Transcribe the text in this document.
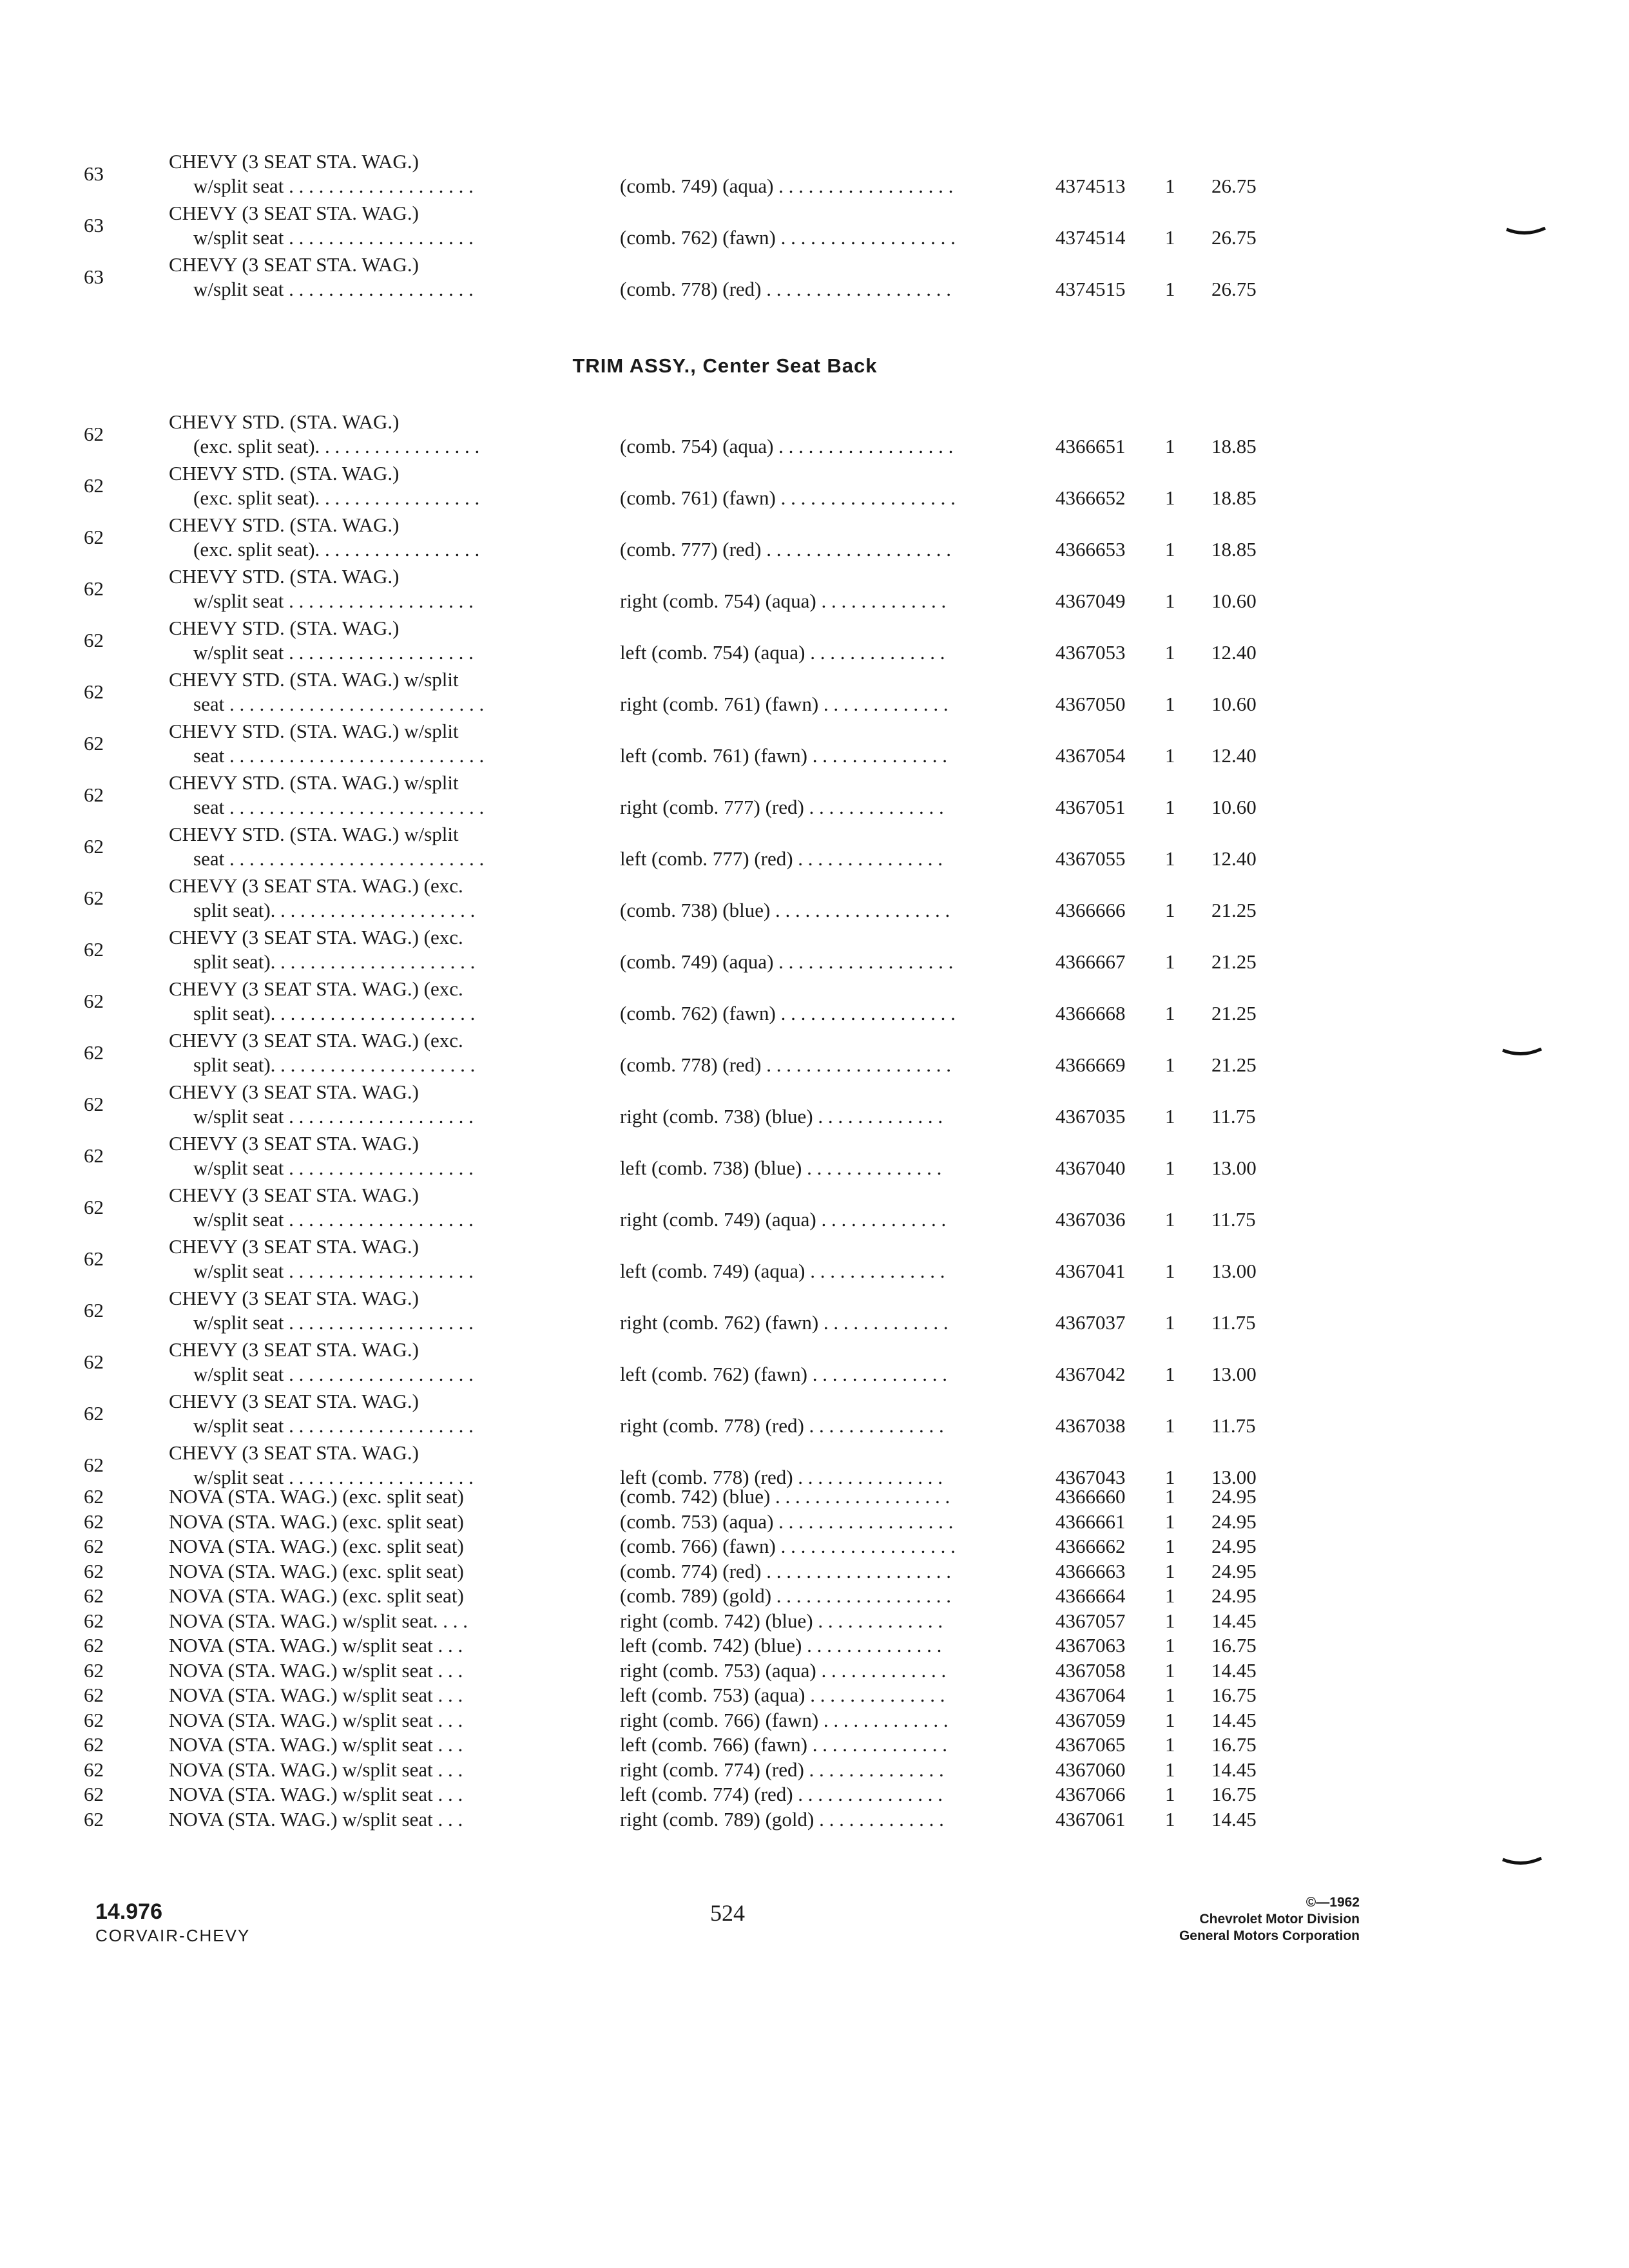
63
CHEVY (3 SEAT STA. WAG.)
w/split seat . . . . . . . . . . . . . . . . . . .	(comb. 749) (aqua) . . . . . . . . . . . . . . . . . .	4374513 1 26.75
63
CHEVY (3 SEAT STA. WAG.)
w/split seat . . . . . . . . . . . . . . . . . . .	(comb. 762) (fawn) . . . . . . . . . . . . . . . . . .	4374514 1 26.75
63
CHEVY (3 SEAT STA. WAG.)
w/split seat . . . . . . . . . . . . . . . . . . .	(comb. 778) (red) . . . . . . . . . . . . . . . . . . .	4374515 1 26.75
TRIM ASSY., Center Seat Back
62
CHEVY STD. (STA. WAG.)
(exc. split seat). . . . . . . . . . . . . . . . .	(comb. 754) (aqua) . . . . . . . . . . . . . . . . . .	4366651 1 18.85
62
CHEVY STD. (STA. WAG.)
(exc. split seat). . . . . . . . . . . . . . . . .	(comb. 761) (fawn) . . . . . . . . . . . . . . . . . .	4366652 1 18.85
62
CHEVY STD. (STA. WAG.)
(exc. split seat). . . . . . . . . . . . . . . . .	(comb. 777) (red) . . . . . . . . . . . . . . . . . . .	4366653 1 18.85
62
CHEVY STD. (STA. WAG.)
w/split seat . . . . . . . . . . . . . . . . . . .	right (comb. 754) (aqua) . . . . . . . . . . . . .	4367049 1 10.60
62
CHEVY STD. (STA. WAG.)
w/split seat . . . . . . . . . . . . . . . . . . .	left (comb. 754) (aqua) . . . . . . . . . . . . . .	4367053 1 12.40
62
CHEVY STD. (STA. WAG.) w/split
seat . . . . . . . . . . . . . . . . . . . . . . . . . .	right (comb. 761) (fawn) . . . . . . . . . . . . .	4367050 1 10.60
62
CHEVY STD. (STA. WAG.) w/split
seat . . . . . . . . . . . . . . . . . . . . . . . . . .	left (comb. 761) (fawn) . . . . . . . . . . . . . .	4367054 1 12.40
62
CHEVY STD. (STA. WAG.) w/split
seat . . . . . . . . . . . . . . . . . . . . . . . . . .	right (comb. 777) (red) . . . . . . . . . . . . . .	4367051 1 10.60
62
CHEVY STD. (STA. WAG.) w/split
seat . . . . . . . . . . . . . . . . . . . . . . . . . .	left (comb. 777) (red) . . . . . . . . . . . . . . .	4367055 1 12.40
62
CHEVY (3 SEAT STA. WAG.) (exc.
split seat). . . . . . . . . . . . . . . . . . . . .	(comb. 738) (blue) . . . . . . . . . . . . . . . . . .	4366666 1 21.25
62
CHEVY (3 SEAT STA. WAG.) (exc.
split seat). . . . . . . . . . . . . . . . . . . . .	(comb. 749) (aqua) . . . . . . . . . . . . . . . . . .	4366667 1 21.25
62
CHEVY (3 SEAT STA. WAG.) (exc.
split seat). . . . . . . . . . . . . . . . . . . . .	(comb. 762) (fawn) . . . . . . . . . . . . . . . . . .	4366668 1 21.25
62
CHEVY (3 SEAT STA. WAG.) (exc.
split seat). . . . . . . . . . . . . . . . . . . . .	(comb. 778) (red) . . . . . . . . . . . . . . . . . . .	4366669 1 21.25
62
CHEVY (3 SEAT STA. WAG.)
w/split seat . . . . . . . . . . . . . . . . . . .	right (comb. 738) (blue) . . . . . . . . . . . . .	4367035 1 11.75
62
CHEVY (3 SEAT STA. WAG.)
w/split seat . . . . . . . . . . . . . . . . . . .	left (comb. 738) (blue) . . . . . . . . . . . . . .	4367040 1 13.00
62
CHEVY (3 SEAT STA. WAG.)
w/split seat . . . . . . . . . . . . . . . . . . .	right (comb. 749) (aqua) . . . . . . . . . . . . .	4367036 1 11.75
62
CHEVY (3 SEAT STA. WAG.)
w/split seat . . . . . . . . . . . . . . . . . . .	left (comb. 749) (aqua) . . . . . . . . . . . . . .	4367041 1 13.00
62
CHEVY (3 SEAT STA. WAG.)
w/split seat . . . . . . . . . . . . . . . . . . .	right (comb. 762) (fawn) . . . . . . . . . . . . .	4367037 1 11.75
62
CHEVY (3 SEAT STA. WAG.)
w/split seat . . . . . . . . . . . . . . . . . . .	left (comb. 762) (fawn) . . . . . . . . . . . . . .	4367042 1 13.00
62
CHEVY (3 SEAT STA. WAG.)
w/split seat . . . . . . . . . . . . . . . . . . .	right (comb. 778) (red) . . . . . . . . . . . . . .	4367038 1 11.75
62
CHEVY (3 SEAT STA. WAG.)
w/split seat . . . . . . . . . . . . . . . . . . .	left (comb. 778) (red) . . . . . . . . . . . . . . .	4367043 1 13.00
62	NOVA (STA. WAG.) (exc. split seat)	(comb. 742) (blue) . . . . . . . . . . . . . . . . . .	4366660 1 24.95
62	NOVA (STA. WAG.) (exc. split seat)	(comb. 753) (aqua) . . . . . . . . . . . . . . . . . .	4366661 1 24.95
62	NOVA (STA. WAG.) (exc. split seat)	(comb. 766) (fawn) . . . . . . . . . . . . . . . . . .	4366662 1 24.95
62	NOVA (STA. WAG.) (exc. split seat)	(comb. 774) (red) . . . . . . . . . . . . . . . . . . .	4366663 1 24.95
62	NOVA (STA. WAG.) (exc. split seat)	(comb. 789) (gold) . . . . . . . . . . . . . . . . . .	4366664 1 24.95
62	NOVA (STA. WAG.) w/split seat. . . .	right (comb. 742) (blue) . . . . . . . . . . . . .	4367057 1 14.45
62	NOVA (STA. WAG.) w/split seat . . .	left (comb. 742) (blue) . . . . . . . . . . . . . .	4367063 1 16.75
62	NOVA (STA. WAG.) w/split seat . . .	right (comb. 753) (aqua) . . . . . . . . . . . . .	4367058 1 14.45
62	NOVA (STA. WAG.) w/split seat . . .	left (comb. 753) (aqua) . . . . . . . . . . . . . .	4367064 1 16.75
62	NOVA (STA. WAG.) w/split seat . . .	right (comb. 766) (fawn) . . . . . . . . . . . . .	4367059 1 14.45
62	NOVA (STA. WAG.) w/split seat . . .	left (comb. 766) (fawn) . . . . . . . . . . . . . .	4367065 1 16.75
62	NOVA (STA. WAG.) w/split seat . . .	right (comb. 774) (red) . . . . . . . . . . . . . .	4367060 1 14.45
62	NOVA (STA. WAG.) w/split seat . . .	left (comb. 774) (red) . . . . . . . . . . . . . . .	4367066 1 16.75
62	NOVA (STA. WAG.) w/split seat . . .	right (comb. 789) (gold) . . . . . . . . . . . . .	4367061 1 14.45
14.976
CORVAIR-CHEVY
524	©—1962
Chevrolet Motor Division
General Motors Corporation
